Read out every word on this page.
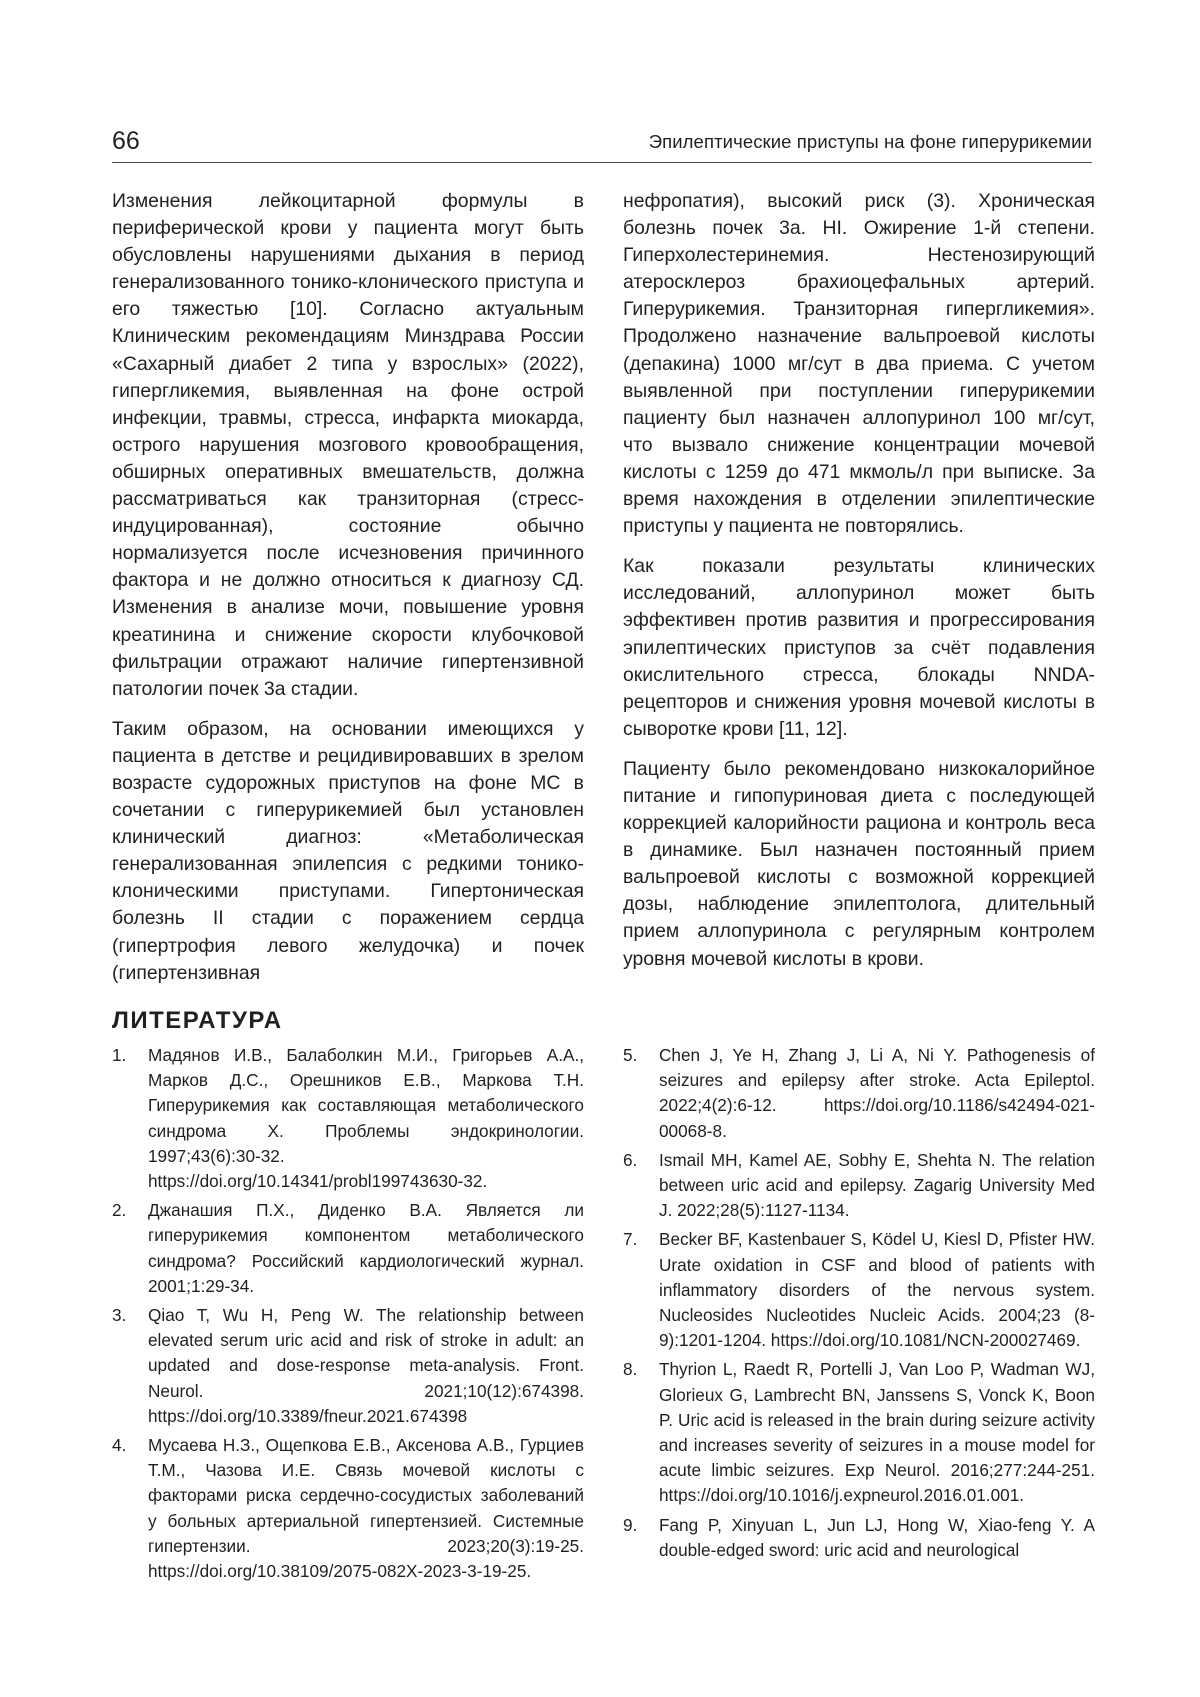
66	Эпилептические приступы на фоне гиперурикемии

Изменения лейкоцитарной формулы в периферической крови у пациента могут быть обусловлены нарушениями дыхания в период генерализованного тонико-клонического приступа и его тяжестью [10]. Согласно актуальным Клиническим рекомендациям Минздрава России «Сахарный диабет 2 типа у взрослых» (2022), гипергликемия, выявленная на фоне острой инфекции, травмы, стресса, инфаркта миокарда, острого нарушения мозгового кровообращения, обширных оперативных вмешательств, должна рассматриваться как транзиторная (стресс-индуцированная), состояние обычно нормализуется после исчезновения причинного фактора и не должно относиться к диагнозу СД. Изменения в анализе мочи, повышение уровня креатинина и снижение скорости клубочковой фильтрации отражают наличие гипертензивной патологии почек 3а стадии.

Таким образом, на основании имеющихся у пациента в детстве и рецидивировавших в зрелом возрасте судорожных приступов на фоне МС в сочетании с гиперурикемией был установлен клинический диагноз: «Метаболическая генерализованная эпилепсия с редкими тонико-клоническими приступами. Гипертоническая болезнь II стадии с поражением сердца (гипертрофия левого желудочка) и почек (гипертензивная

нефропатия), высокий риск (3). Хроническая болезнь почек 3а. HI. Ожирение 1-й степени. Гиперхолестеринемия. Нестенозирующий атеросклероз брахиоцефальных артерий. Гиперурикемия. Транзиторная гипергликемия». Продолжено назначение вальпроевой кислоты (депакина) 1000 мг/сут в два приема. С учетом выявленной при поступлении гиперурикемии пациенту был назначен аллопуринол 100 мг/сут, что вызвало снижение концентрации мочевой кислоты с 1259 до 471 мкмоль/л при выписке. За время нахождения в отделении эпилептические приступы у пациента не повторялись.

Как показали результаты клинических исследований, аллопуринол может быть эффективен против развития и прогрессирования эпилептических приступов за счёт подавления окислительного стресса, блокады NNDA-рецепторов и снижения уровня мочевой кислоты в сыворотке крови [11, 12].

Пациенту было рекомендовано низкокалорийное питание и гипопуриновая диета с последующей коррекцией калорийности рациона и контроль веса в динамике. Был назначен постоянный прием вальпроевой кислоты с возможной коррекцией дозы, наблюдение эпилептолога, длительный прием аллопуринола с регулярным контролем уровня мочевой кислоты в крови.

ЛИТЕРАТУРА
1. Мадянов И.В., Балаболкин М.И., Григорьев А.А., Марков Д.С., Орешников Е.В., Маркова Т.Н. Гиперурикемия как составляющая метаболического синдрома Х. Проблемы эндокринологии. 1997;43(6):30-32. https://doi.org/10.14341/probl199743630-32.
2. Джанашия П.Х., Диденко В.А. Является ли гиперурикемия компонентом метаболического синдрома? Российский кардиологический журнал. 2001;1:29-34.
3. Qiao T, Wu H, Peng W. The relationship between elevated serum uric acid and risk of stroke in adult: an updated and dose-response meta-analysis. Front. Neurol. 2021;10(12):674398. https://doi.org/10.3389/fneur.2021.674398
4. Мусаева Н.З., Ощепкова Е.В., Аксенова А.В., Гурциев Т.М., Чазова И.Е. Связь мочевой кислоты с факторами риска сердечно-сосудистых заболеваний у больных артериальной гипертензией. Системные гипертензии. 2023;20(3):19-25. https://doi.org/10.38109/2075-082X-2023-3-19-25.
5. Chen J, Ye H, Zhang J, Li A, Ni Y. Pathogenesis of seizures and epilepsy after stroke. Acta Epileptol. 2022;4(2):6-12. https://doi.org/10.1186/s42494-021-00068-8.
6. Ismail MH, Kamel AE, Sobhy E, Shehta N. The relation between uric acid and epilepsy. Zagarig University Med J. 2022;28(5):1127-1134.
7. Becker BF, Kastenbauer S, Ködel U, Kiesl D, Pfister HW. Urate oxidation in CSF and blood of patients with inflammatory disorders of the nervous system. Nucleosides Nucleotides Nucleic Acids. 2004;23 (8-9):1201-1204. https://doi.org/10.1081/NCN-200027469.
8. Thyrion L, Raedt R, Portelli J, Van Loo P, Wadman WJ, Glorieux G, Lambrecht BN, Janssens S, Vonck K, Boon P. Uric acid is released in the brain during seizure activity and increases severity of seizures in a mouse model for acute limbic seizures. Exp Neurol. 2016;277:244-251. https://doi.org/10.1016/j.expneurol.2016.01.001.
9. Fang P, Xinyuan L, Jun LJ, Hong W, Xiao-feng Y. A double-edged sword: uric acid and neurological
